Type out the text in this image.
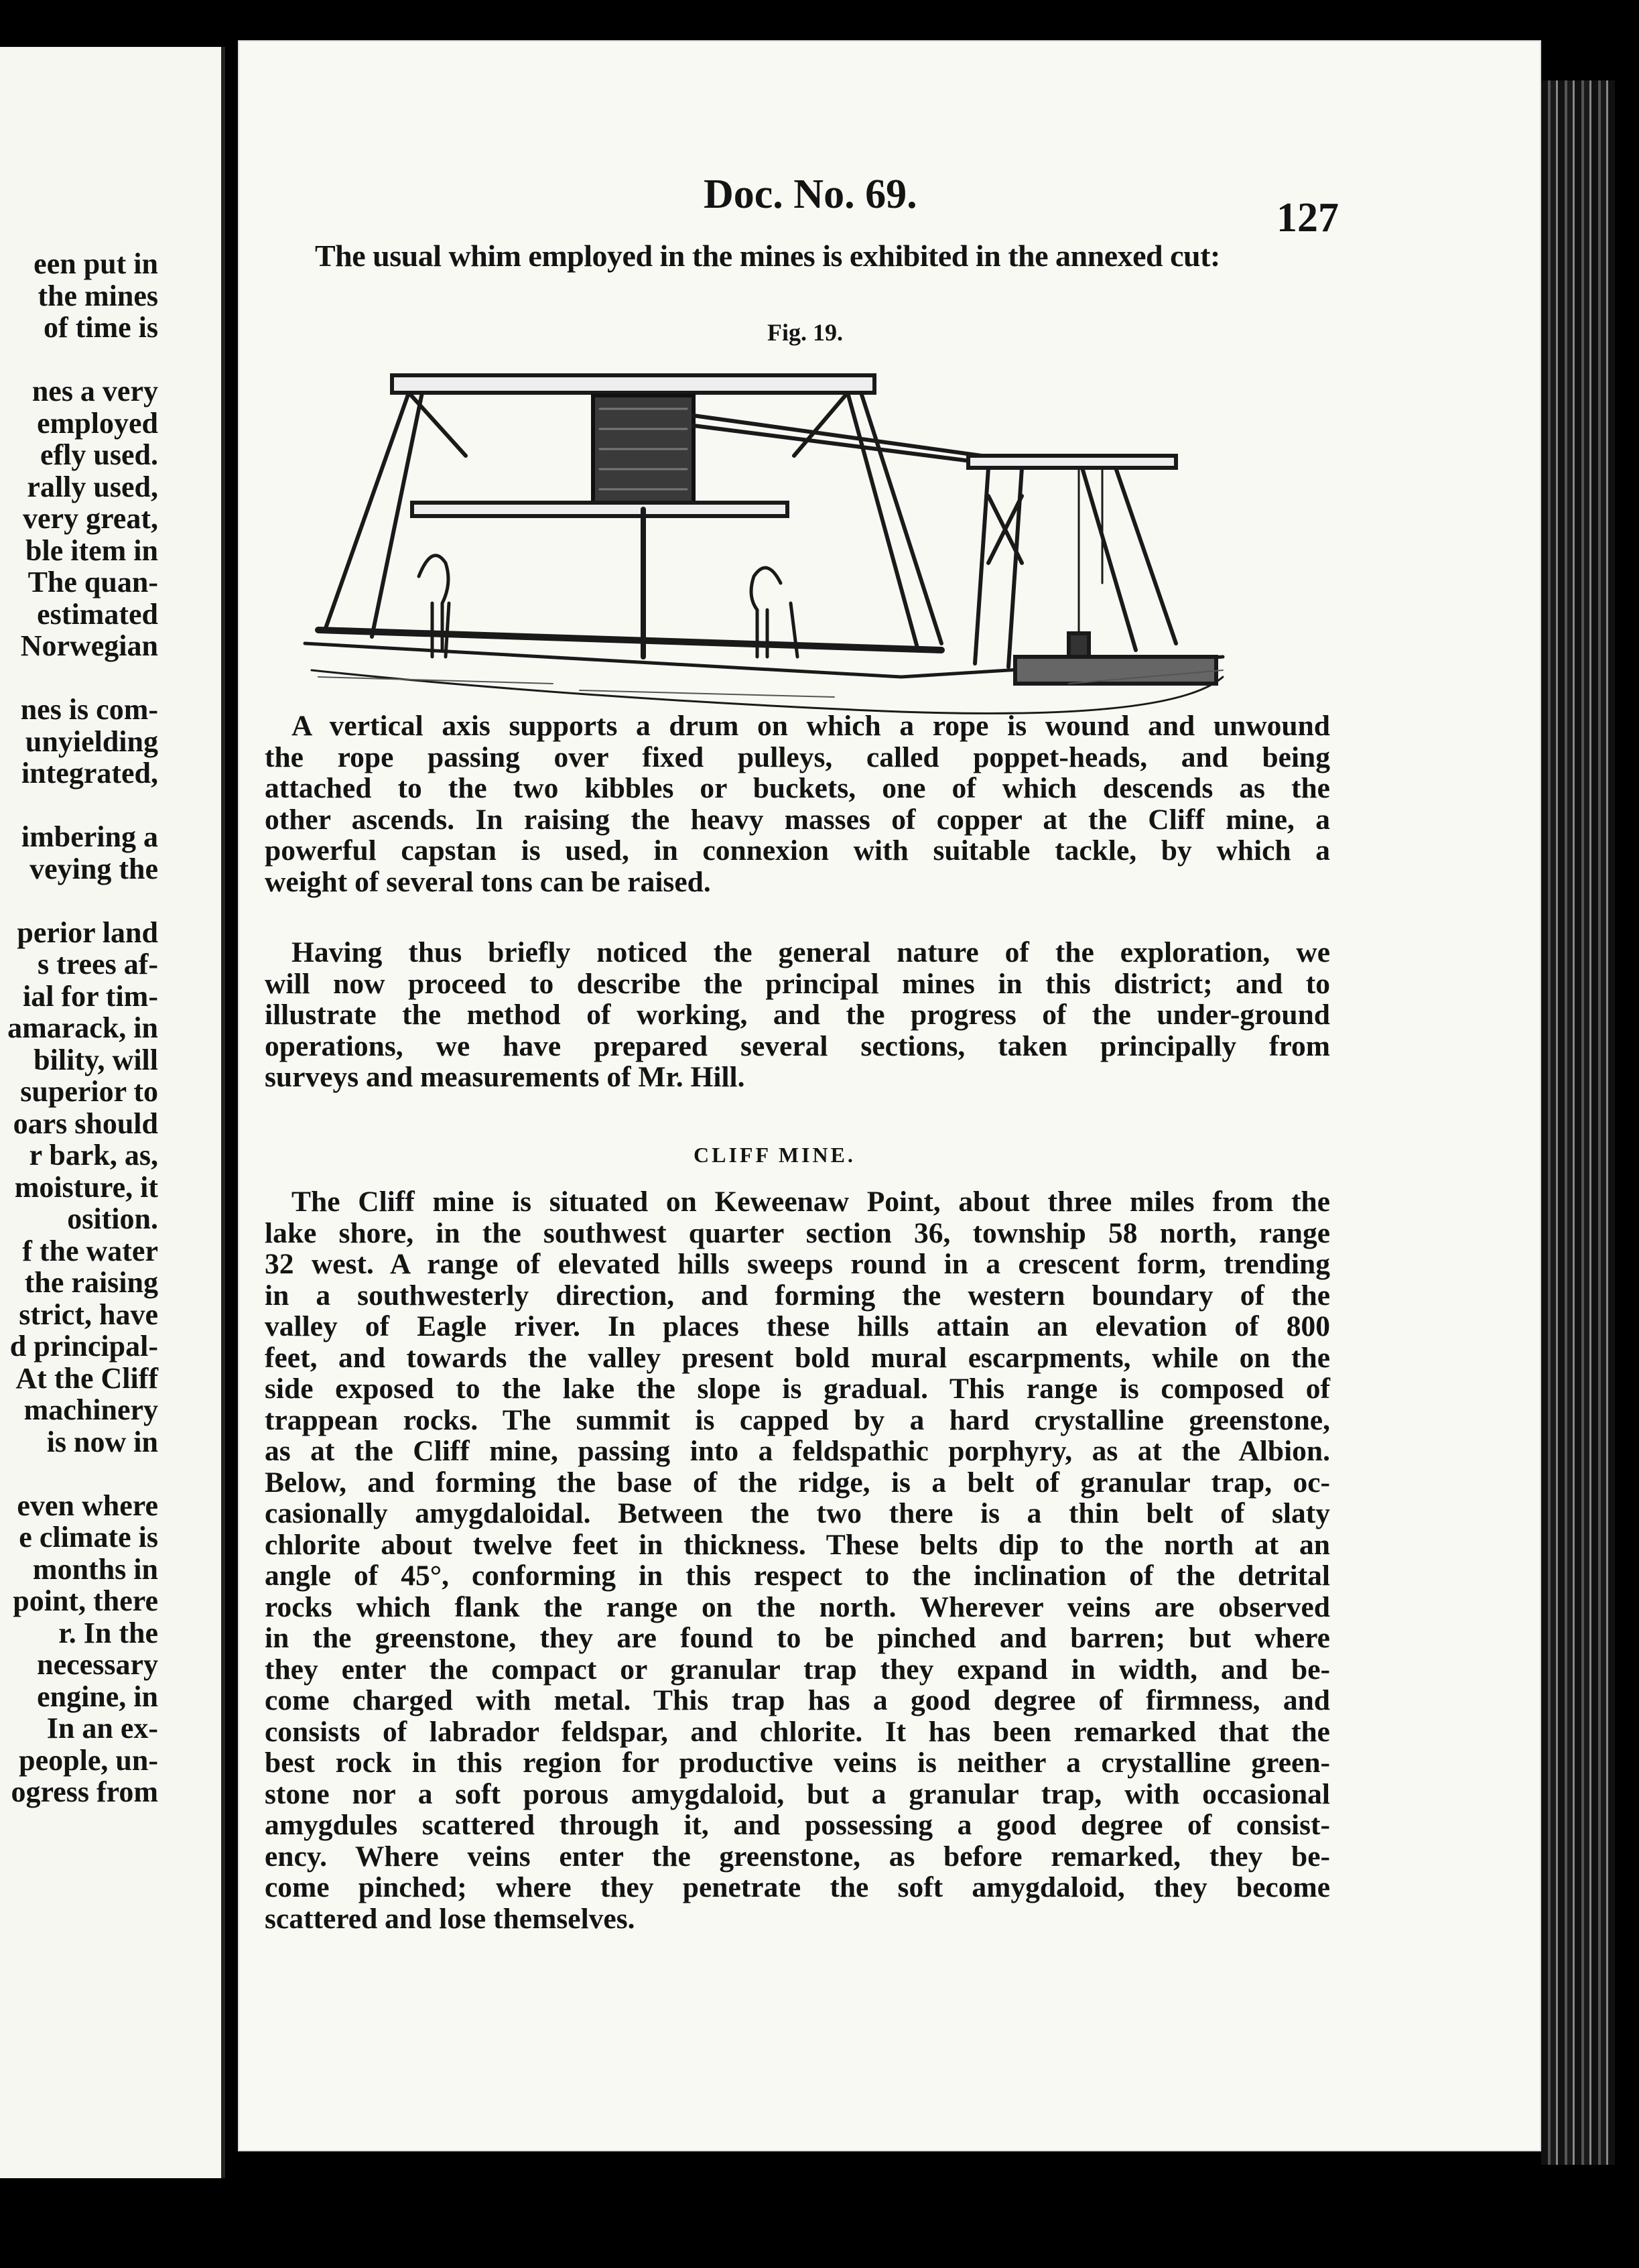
een put in
the mines
of time is
nes a very
employed
efly used.
rally used,
very great,
ble item in
The quan-
estimated
Norwegian
nes is com-
unyielding
integrated,
imbering a
veying the
perior land
s trees af-
ial for tim-
amarack, in
bility, will
superior to
oars should
r bark, as,
moisture, it
osition.
f the water
the raising
strict, have
d principal-
At the Cliff
machinery
is now in
even where
e climate is
months in
point, there
r. In the
necessary
engine, in
In an ex-
people, un-
ogress from
Doc. No. 69.
127
The usual whim employed in the mines is exhibited in the annexed cut:
Fig. 19.
A vertical axis supports a drum on which a rope is wound and unwound
the rope passing over fixed pulleys, called poppet-heads, and being
attached to the two kibbles or buckets, one of which descends as the
other ascends. In raising the heavy masses of copper at the Cliff mine, a
powerful capstan is used, in connexion with suitable tackle, by which a
weight of several tons can be raised.
Having thus briefly noticed the general nature of the exploration, we
will now proceed to describe the principal mines in this district; and to
illustrate the method of working, and the progress of the under-ground
operations, we have prepared several sections, taken principally from
surveys and measurements of Mr. Hill.
CLIFF MINE.
The Cliff mine is situated on Keweenaw Point, about three miles from the
lake shore, in the southwest quarter section 36, township 58 north, range
32 west. A range of elevated hills sweeps round in a crescent form, trending
in a southwesterly direction, and forming the western boundary of the
valley of Eagle river. In places these hills attain an elevation of 800
feet, and towards the valley present bold mural escarpments, while on the
side exposed to the lake the slope is gradual. This range is composed of
trappean rocks. The summit is capped by a hard crystalline greenstone,
as at the Cliff mine, passing into a feldspathic porphyry, as at the Albion.
Below, and forming the base of the ridge, is a belt of granular trap, oc-
casionally amygdaloidal. Between the two there is a thin belt of slaty
chlorite about twelve feet in thickness. These belts dip to the north at an
angle of 45°, conforming in this respect to the inclination of the detrital
rocks which flank the range on the north. Wherever veins are observed
in the greenstone, they are found to be pinched and barren; but where
they enter the compact or granular trap they expand in width, and be-
come charged with metal. This trap has a good degree of firmness, and
consists of labrador feldspar, and chlorite. It has been remarked that the
best rock in this region for productive veins is neither a crystalline green-
stone nor a soft porous amygdaloid, but a granular trap, with occasional
amygdules scattered through it, and possessing a good degree of consist-
ency. Where veins enter the greenstone, as before remarked, they be-
come pinched; where they penetrate the soft amygdaloid, they become
scattered and lose themselves.
